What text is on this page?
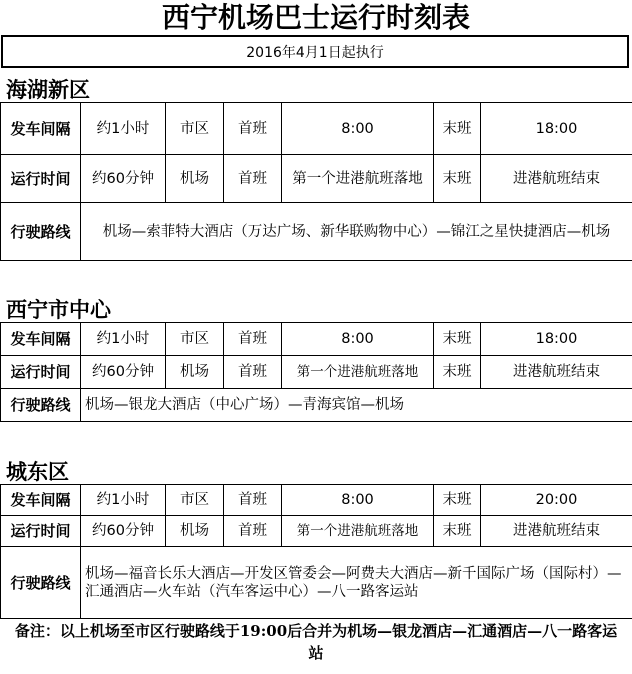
西宁机场巴士运行时刻表
2016年4月1日起执行
海湖新区
发车间隔	约1小时	市区	首班	8:00	末班	18:00
运行时间	约60分钟	机场	首班	第一个进港航班落地	末班	进港航班结束
行驶路线	机场—索菲特大酒店（万达广场、新华联购物中心）—锦江之星快捷酒店—机场					
西宁市中心
发车间隔	约1小时	市区	首班	8:00	末班	18:00
运行时间	约60分钟	机场	首班	第一个进港航班落地	末班	进港航班结束
行驶路线	机场—银龙大酒店（中心广场）—青海宾馆—机场					
城东区
发车间隔	约1小时	市区	首班	8:00	末班	20:00
运行时间	约60分钟	机场	首班	第一个进港航班落地	末班	进港航班结束
行驶路线	机场—福音长乐大酒店—开发区管委会—阿费夫大酒店—新千国际广场（国际村）—汇通酒店—火车站（汽车客运中心）—八一路客运站					
备注：以上机场至市区行驶路线于19:00后合并为机场—银龙酒店—汇通酒店—八一路客运站
